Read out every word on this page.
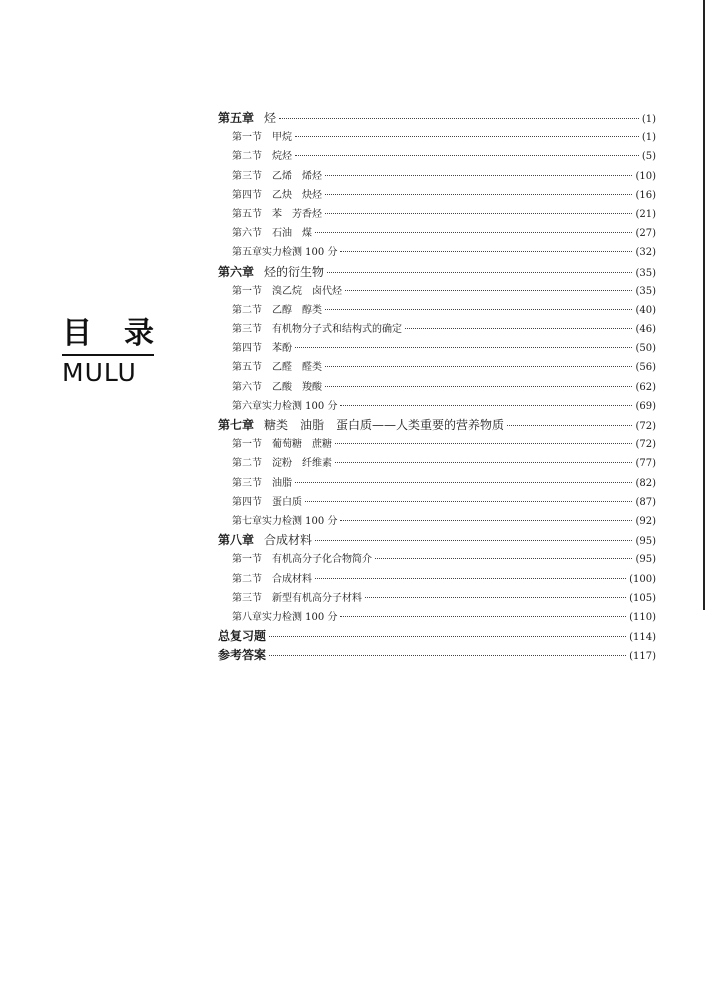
目 录
MULU
第五章 烃	(1)
第一节 甲烷	(1)
第二节 烷烃	(5)
第三节 乙烯　烯烃	(10)
第四节 乙炔　炔烃	(16)
第五节 苯　芳香烃	(21)
第六节 石油　煤	(27)
第五章实力检测 100 分	(32)
第六章 烃的衍生物	(35)
第一节 溴乙烷　卤代烃	(35)
第二节 乙醇　醇类	(40)
第三节 有机物分子式和结构式的确定	(46)
第四节 苯酚	(50)
第五节 乙醛　醛类	(56)
第六节 乙酸　羧酸	(62)
第六章实力检测 100 分	(69)
第七章 糖类　油脂　蛋白质——人类重要的营养物质	(72)
第一节 葡萄糖　蔗糖	(72)
第二节 淀粉　纤维素	(77)
第三节 油脂	(82)
第四节 蛋白质	(87)
第七章实力检测 100 分	(92)
第八章 合成材料	(95)
第一节 有机高分子化合物简介	(95)
第二节 合成材料	(100)
第三节 新型有机高分子材料	(105)
第八章实力检测 100 分	(110)
总复习题	(114)
参考答案	(117)
